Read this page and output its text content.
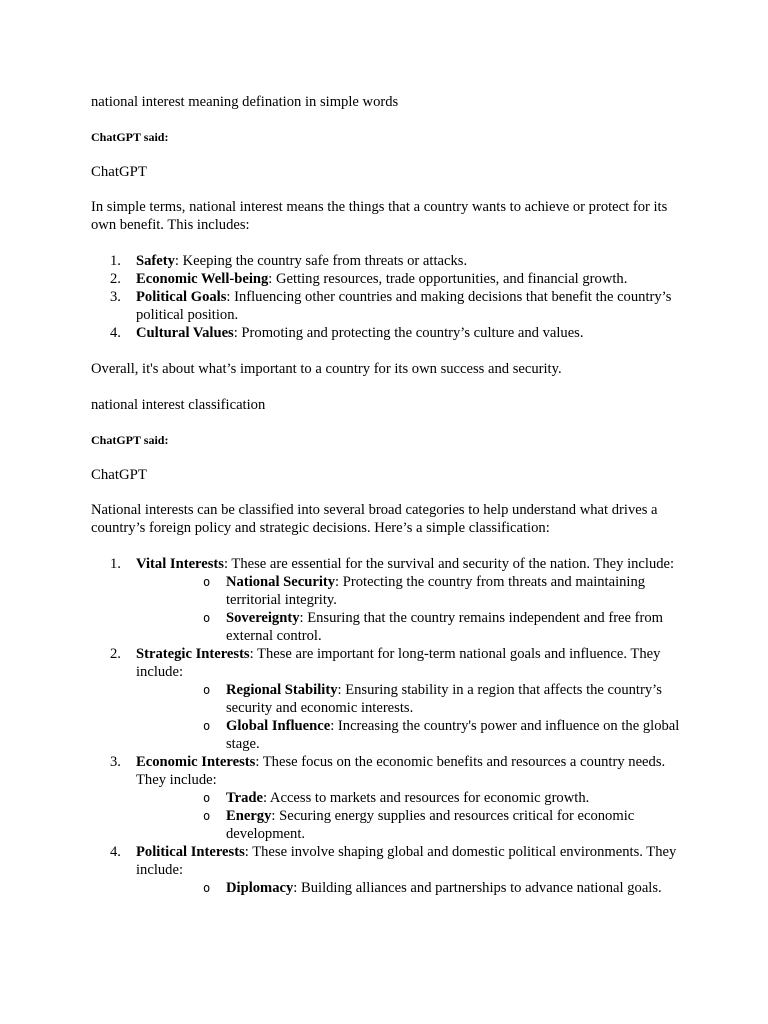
national interest meaning defination in simple words

ChatGPT said:

ChatGPT

In simple terms, national interest means the things that a country wants to achieve or protect for its own benefit. This includes:

1.	Safety: Keeping the country safe from threats or attacks.
2.	Economic Well-being: Getting resources, trade opportunities, and financial growth.
3.	Political Goals: Influencing other countries and making decisions that benefit the country’s political position.
4.	Cultural Values: Promoting and protecting the country’s culture and values.

Overall, it's about what’s important to a country for its own success and security.

national interest classification

ChatGPT said:

ChatGPT

National interests can be classified into several broad categories to help understand what drives a country’s foreign policy and strategic decisions. Here’s a simple classification:

1.	Vital Interests: These are essential for the survival and security of the nation. They include:
o National Security: Protecting the country from threats and maintaining territorial integrity.
o Sovereignty: Ensuring that the country remains independent and free from external control.
2.	Strategic Interests: These are important for long-term national goals and influence. They include:
o Regional Stability: Ensuring stability in a region that affects the country’s security and economic interests.
o Global Influence: Increasing the country's power and influence on the global stage.
3.	Economic Interests: These focus on the economic benefits and resources a country needs. They include:
o Trade: Access to markets and resources for economic growth.
o Energy: Securing energy supplies and resources critical for economic development.
4.	Political Interests: These involve shaping global and domestic political environments. They include:
o Diplomacy: Building alliances and partnerships to advance national goals.
